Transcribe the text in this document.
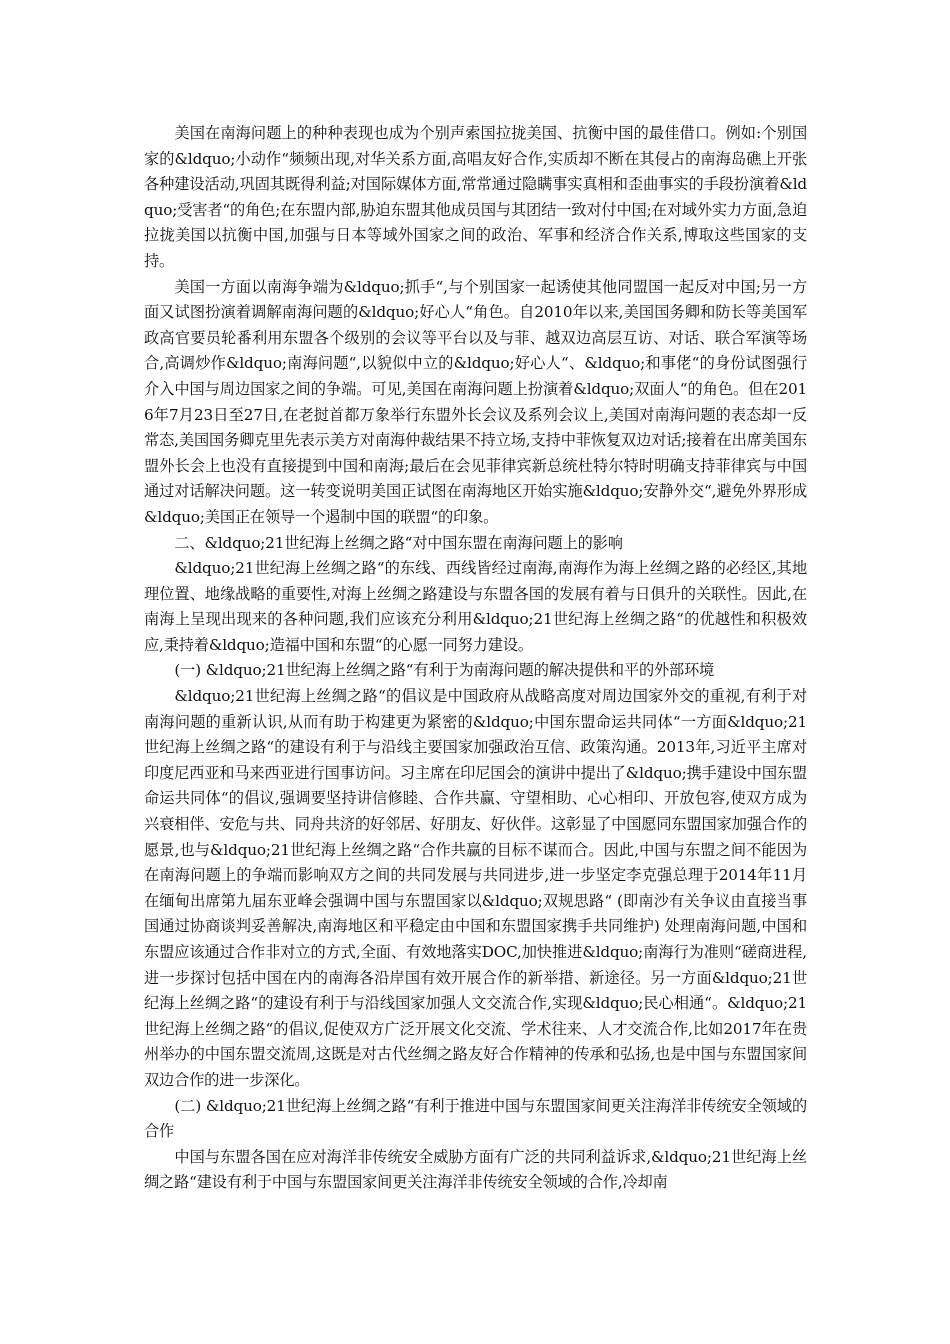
美国在南海问题上的种种表现也成为个别声索国拉拢美国、抗衡中国的最佳借口。例如:个别国家的&ldquo;小动作“频频出现,对华关系方面,高唱友好合作,实质却不断在其侵占的南海岛礁上开张各种建设活动,巩固其既得利益;对国际媒体方面,常常通过隐瞒事实真相和歪曲事实的手段扮演着&ldquo;受害者“的角色;在东盟内部,胁迫东盟其他成员国与其团结一致对付中国;在对域外实力方面,急迫拉拢美国以抗衡中国,加强与日本等域外国家之间的政治、军事和经济合作关系,博取这些国家的支持。

美国一方面以南海争端为&ldquo;抓手“,与个别国家一起诱使其他同盟国一起反对中国;另一方面又试图扮演着调解南海问题的&ldquo;好心人“角色。自2010年以来,美国国务卿和防长等美国军政高官要员轮番利用东盟各个级别的会议等平台以及与菲、越双边高层互访、对话、联合军演等场合,高调炒作&ldquo;南海问题“,以貌似中立的&ldquo;好心人“、&ldquo;和事佬“的身份试图强行介入中国与周边国家之间的争端。可见,美国在南海问题上扮演着&ldquo;双面人“的角色。但在2016年7月23日至27日,在老挝首都万象举行东盟外长会议及系列会议上,美国对南海问题的表态却一反常态,美国国务卿克里先表示美方对南海仲裁结果不持立场,支持中菲恢复双边对话;接着在出席美国东盟外长会上也没有直接提到中国和南海;最后在会见菲律宾新总统杜特尔特时明确支持菲律宾与中国通过对话解决问题。这一转变说明美国正试图在南海地区开始实施&ldquo;安静外交“,避免外界形成&ldquo;美国正在领导一个遏制中国的联盟“的印象。

二、&ldquo;21世纪海上丝绸之路“对中国东盟在南海问题上的影响

&ldquo;21世纪海上丝绸之路“的东线、西线皆经过南海,南海作为海上丝绸之路的必经区,其地理位置、地缘战略的重要性,对海上丝绸之路建设与东盟各国的发展有着与日俱升的关联性。因此,在南海上呈现出现来的各种问题,我们应该充分利用&ldquo;21世纪海上丝绸之路“的优越性和积极效应,秉持着&ldquo;造福中国和东盟“的心愿一同努力建设。

(一) &ldquo;21世纪海上丝绸之路“有利于为南海问题的解决提供和平的外部环境

&ldquo;21世纪海上丝绸之路“的倡议是中国政府从战略高度对周边国家外交的重视,有利于对南海问题的重新认识,从而有助于构建更为紧密的&ldquo;中国东盟命运共同体“一方面&ldquo;21世纪海上丝绸之路“的建设有利于与沿线主要国家加强政治互信、政策沟通。2013年,习近平主席对印度尼西亚和马来西亚进行国事访问。习主席在印尼国会的演讲中提出了&ldquo;携手建设中国东盟命运共同体“的倡议,强调要坚持讲信修睦、合作共赢、守望相助、心心相印、开放包容,使双方成为兴衰相伴、安危与共、同舟共济的好邻居、好朋友、好伙伴。这彰显了中国愿同东盟国家加强合作的愿景,也与&ldquo;21世纪海上丝绸之路“合作共赢的目标不谋而合。因此,中国与东盟之间不能因为在南海问题上的争端而影响双方之间的共同发展与共同进步,进一步坚定李克强总理于2014年11月在缅甸出席第九届东亚峰会强调中国与东盟国家以&ldquo;双规思路“ (即南沙有关争议由直接当事国通过协商谈判妥善解决,南海地区和平稳定由中国和东盟国家携手共同维护) 处理南海问题,中国和东盟应该通过合作非对立的方式,全面、有效地落实DOC,加快推进&ldquo;南海行为准则“磋商进程,进一步探讨包括中国在内的南海各沿岸国有效开展合作的新举措、新途径。另一方面&ldquo;21世纪海上丝绸之路“的建设有利于与沿线国家加强人文交流合作,实现&ldquo;民心相通“。&ldquo;21世纪海上丝绸之路“的倡议,促使双方广泛开展文化交流、学术往来、人才交流合作,比如2017年在贵州举办的中国东盟交流周,这既是对古代丝绸之路友好合作精神的传承和弘扬,也是中国与东盟国家间双边合作的进一步深化。

(二) &ldquo;21世纪海上丝绸之路“有利于推进中国与东盟国家间更关注海洋非传统安全领域的合作

中国与东盟各国在应对海洋非传统安全威胁方面有广泛的共同利益诉求,&ldquo;21世纪海上丝绸之路“建设有利于中国与东盟国家间更关注海洋非传统安全领域的合作,冷却南
